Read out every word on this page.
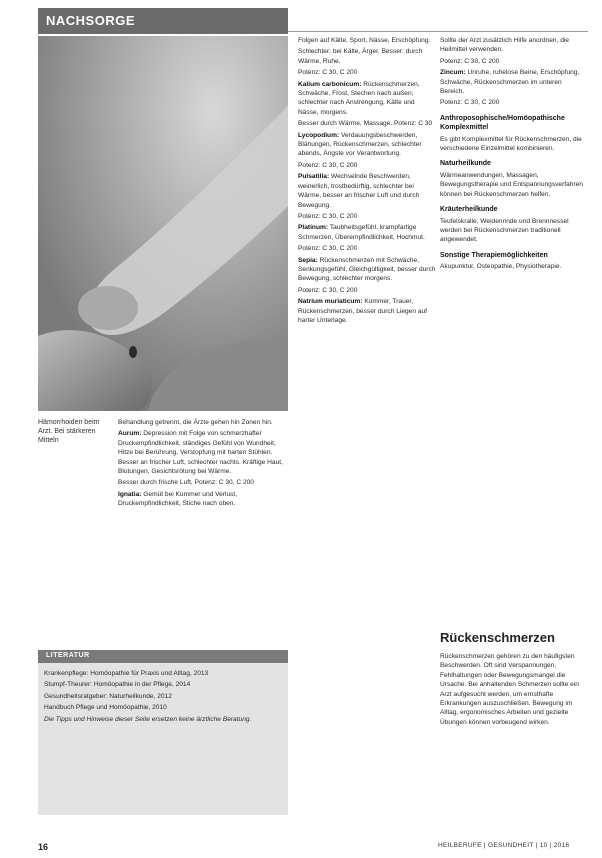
NACHSORGE
Hämorrhoiden beim Arzt. Bei stärkeren Mitteln

Behandlung getrennt, die Ärzte gehen hin Zonen hin.

Aurum: Depression mit Folge von schmerzhafter Druckempfindlichkeit, ständiges Gefühl von Wundheit, Hitze bei Berührung, Verstopfung mit harten Stühlen. Besser an frischer Luft, schlechter nachts. Kräftige Haut, Blutungen, Gesichtsrötung bei Wärme.

Besser durch frische Luft, Potenz: C 30, C 200

Ignatia: Gemüt bei Kummer und Verlust, Druckempfindlichkeit, Stiche nach oben.

Folgen auf Kälte, Sport, Nässe, Erschöpfung.

Schlechter: bei Kälte, Ärger. Besser: durch Wärme, Ruhe.

Potenz: C 30, C 200

Kalium carbonicum: Rückenschmerzen, Schwäche, Frost, Stechen nach außen; schlechter nach Anstrengung, Kälte und Nässe, morgens.

Besser durch Wärme, Massage. Potenz: C 30

Lycopodium: Verdauungsbeschwerden, Blähungen, Rückenschmerzen, schlechter abends, Ängste vor Verantwortung.

Potenz: C 30, C 200

Pulsatilla: Wechselnde Beschwerden, weinerlich, trostbedürftig, schlechter bei Wärme, besser an frischer Luft und durch Bewegung.

Potenz: C 30, C 200

Platinum: Taubheitsgefühl, krampfartige Schmerzen, Überempfindlichkeit, Hochmut.

Potenz: C 30, C 200

Sepia: Rückenschmerzen mit Schwäche, Senkungsgefühl, Gleichgültigkeit, besser durch Bewegung, schlechter morgens.

Potenz: C 30, C 200

Natrium muriaticum: Kummer, Trauer, Rückenschmerzen, besser durch Liegen auf harter Unterlage.

Sollte der Arzt zusätzlich Hilfe anordnen, die Heilmittel verwenden.

Potenz: C 30, C 200

Zincum: Unruhe, ruhelose Beine, Erschöpfung, Schwäche, Rückenschmerzen im unteren Bereich.

Potenz: C 30, C 200

Anthroposophische/Homöopathische Komplexmittel

Es gibt Komplexmittel für Rückenschmerzen, die verschiedene Einzelmittel kombinieren.

Naturheilkunde

Wärmeanwendungen, Massagen, Bewegungstherapie und Entspannungsverfahren können bei Rückenschmerzen helfen.

Kräuterheilkunde

Teufelskralle, Weidenrinde und Brennnessel werden bei Rückenschmerzen traditionell angewendet.

Sonstige Therapiemöglichkeiten

Akupunktur, Osteopathie, Physiotherapie.

Rückenschmerzen

Rückenschmerzen gehören zu den häufigsten Beschwerden. Oft sind Verspannungen, Fehlhaltungen oder Bewegungsmangel die Ursache. Bei anhaltenden Schmerzen sollte ein Arzt aufgesucht werden, um ernsthafte Erkrankungen auszuschließen. Bewegung im Alltag, ergonomisches Arbeiten und gezielte Übungen können vorbeugend wirken.

LITERATUR

Krankenpflege: Homöopathie für Praxis und Alltag, 2013

Stumpf-Theurer: Homöopathie in der Pflege, 2014

Gesundheitsratgeber: Naturheilkunde, 2012

Handbuch Pflege und Homöopathie, 2010

Die Tipps und Hinweise dieser Seite ersetzen keine ärztliche Beratung.

16	HEILBERUFE | GESUNDHEIT | 10 | 2016
